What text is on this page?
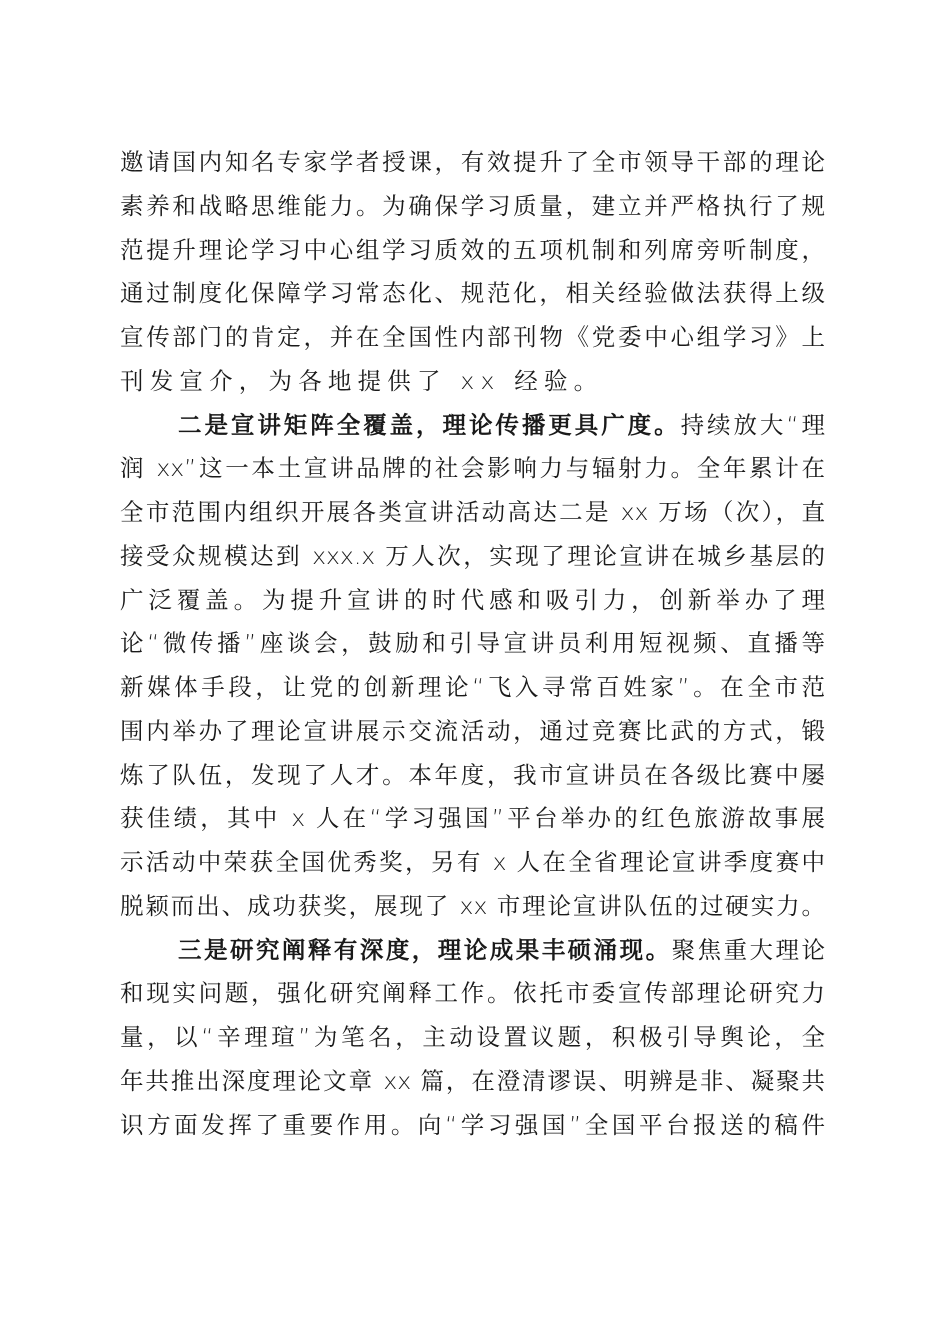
邀请国内知名专家学者授课，有效提升了全市领导干部的理论
素养和战略思维能力。为确保学习质量，建立并严格执行了规
范提升理论学习中心组学习质效的五项机制和列席旁听制度，
通过制度化保障学习常态化、规范化，相关经验做法获得上级
宣传部门的肯定，并在全国性内部刊物《党委中心组学习》上
刊发宣介，为各地提供了 xx 经验。
二是宣讲矩阵全覆盖，理论传播更具广度。持续放大“理
润 xx”这一本土宣讲品牌的社会影响力与辐射力。全年累计在
全市范围内组织开展各类宣讲活动高达二是 xx 万场（次），直
接受众规模达到 xxx.x 万人次，实现了理论宣讲在城乡基层的
广泛覆盖。为提升宣讲的时代感和吸引力，创新举办了理
论“微传播”座谈会，鼓励和引导宣讲员利用短视频、直播等
新媒体手段，让党的创新理论“飞入寻常百姓家”。在全市范
围内举办了理论宣讲展示交流活动，通过竞赛比武的方式，锻
炼了队伍，发现了人才。本年度，我市宣讲员在各级比赛中屡
获佳绩，其中 x 人在“学习强国”平台举办的红色旅游故事展
示活动中荣获全国优秀奖，另有 x 人在全省理论宣讲季度赛中
脱颖而出、成功获奖，展现了 xx 市理论宣讲队伍的过硬实力。
三是研究阐释有深度，理论成果丰硕涌现。聚焦重大理论
和现实问题，强化研究阐释工作。依托市委宣传部理论研究力
量，以“辛理瑄”为笔名，主动设置议题，积极引导舆论，全
年共推出深度理论文章 xx 篇，在澄清谬误、明辨是非、凝聚共
识方面发挥了重要作用。向“学习强国”全国平台报送的稿件
